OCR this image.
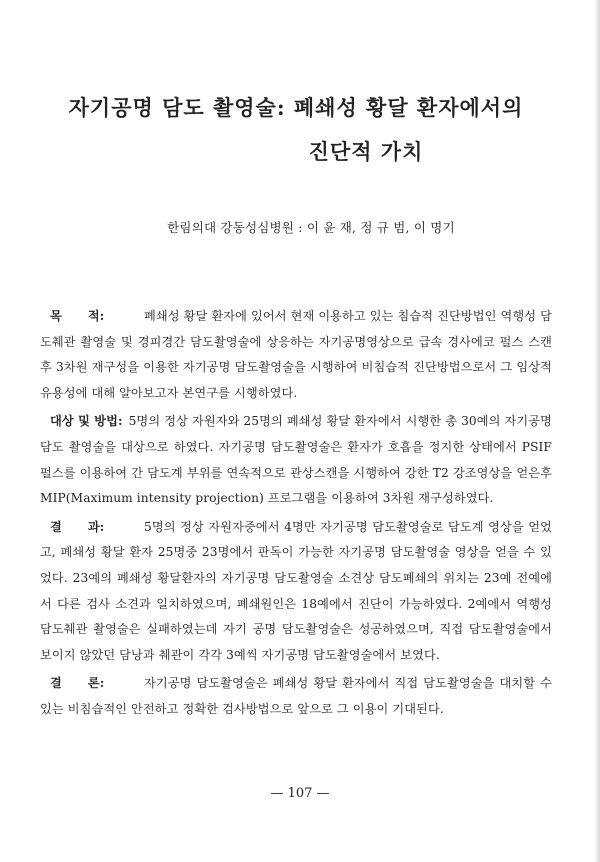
자기공명 담도 촬영술: 폐쇄성 황달 환자에서의
진단적 가치
한림의대 강동성심병원 : 이 윤 재, 정 규 범, 이 명기

목      적:	폐쇄성 황달 환자에 있어서 현재 이용하고 있는 침습적 진단방법인 역행성 담도췌관 촬영술 및 경피경간 담도촬영술에 상응하는 자기공명영상으로 급속 경사에코 펄스 스캔 후 3차원 재구성을 이용한 자기공명 담도촬영술을 시행하여 비침습적 진단방법으로서 그 임상적 유용성에 대해 알아보고자 본연구를 시행하였다.

대상 및 방법: 5명의 정상 자원자와 25명의 폐쇄성 황달 환자에서 시행한 총 30예의 자기공명 담도 촬영술을 대상으로 하였다. 자기공명 담도촬영술은 환자가 호흡을 정지한 상태에서 PSIF 펄스를 이용하여 간 담도계 부위를 연속적으로 관상스캔을 시행하여 강한 T2 강조영상을 얻은후 MIP(Maximum intensity projection) 프로그램을 이용하여 3차원 재구성하였다.

결      과:	5명의 정상 자원자중에서 4명만 자기공명 담도촬영술로 담도계 영상을 얻었고, 폐쇄성 황달 환자 25명중 23명에서 판독이 가능한 자기공명 담도촬영술 영상을 얻을 수 있었다. 23예의 폐쇄성 황달환자의 자기공명 담도촬영술 소견상 담도폐쇄의 위치는 23예 전예에서 다른 검사 소견과 일치하였으며, 폐쇄원인은 18예에서 진단이 가능하였다. 2예에서 역행성 담도췌관 촬영술은 실패하였는데 자기 공명 담도촬영술은 성공하였으며, 직접 담도촬영술에서 보이지 않았던 담낭과 췌관이 각각 3예씩 자기공명 담도촬영술에서 보였다.

결      론:	자기공명 담도촬영술은 폐쇄성 황달 환자에서 직접 담도촬영술을 대치할 수 있는 비침습적인 안전하고 정확한 검사방법으로 앞으로 그 이용이 기대된다.

— 107 —
